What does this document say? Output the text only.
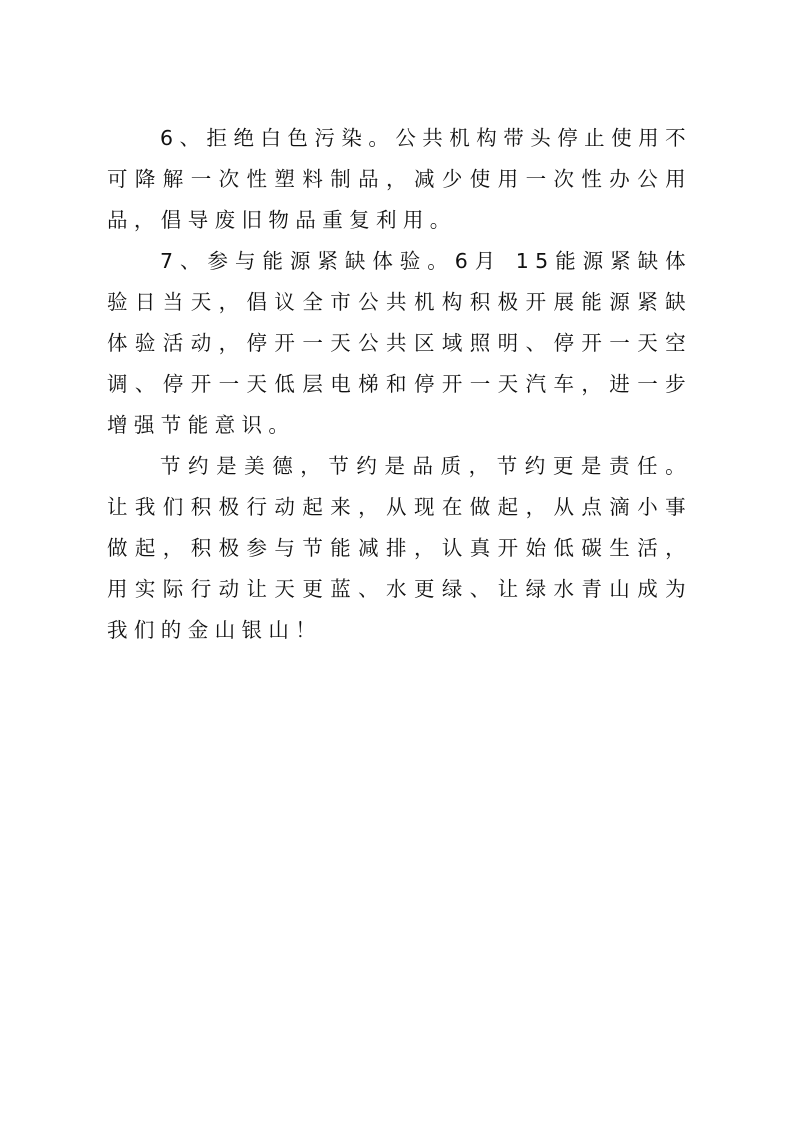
6、拒绝白色污染。公共机构带头停止使用不可降解一次性塑料制品，减少使用一次性办公用品，倡导废旧物品重复利用。

7、参与能源紧缺体验。6月 15能源紧缺体验日当天，倡议全市公共机构积极开展能源紧缺体验活动，停开一天公共区域照明、停开一天空调、停开一天低层电梯和停开一天汽车，进一步增强节能意识。

节约是美德，节约是品质，节约更是责任。让我们积极行动起来，从现在做起，从点滴小事做起，积极参与节能减排，认真开始低碳生活，用实际行动让天更蓝、水更绿、让绿水青山成为我们的金山银山！
